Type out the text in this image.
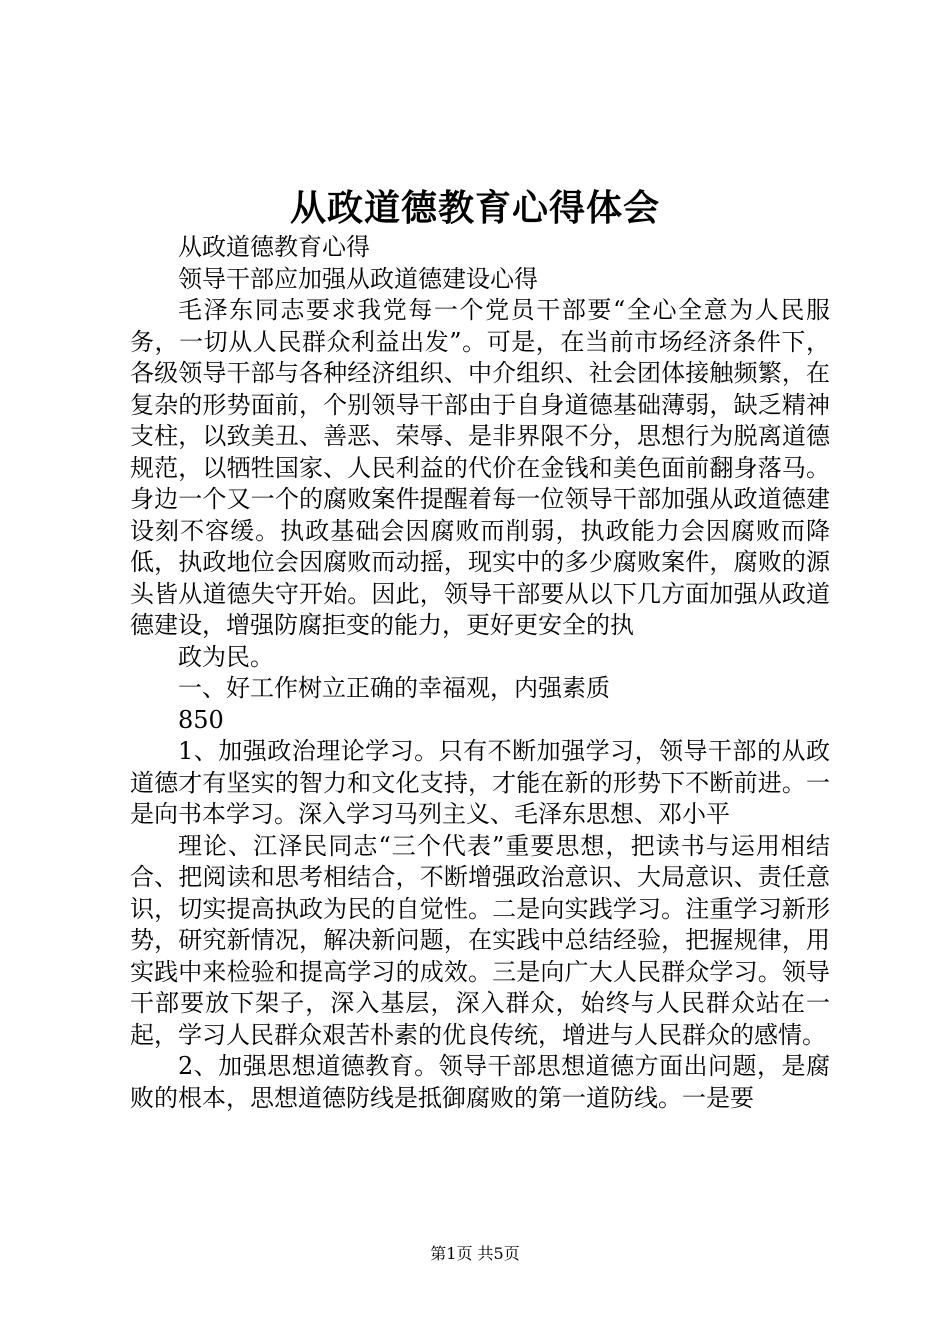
从政道德教育心得体会

从政道德教育心得

领导干部应加强从政道德建设心得

毛泽东同志要求我党每一个党员干部要“全心全意为人民服务，一切从人民群众利益出发”。可是，在当前市场经济条件下，各级领导干部与各种经济组织、中介组织、社会团体接触频繁，在复杂的形势面前，个别领导干部由于自身道德基础薄弱，缺乏精神支柱，以致美丑、善恶、荣辱、是非界限不分，思想行为脱离道德规范，以牺牲国家、人民利益的代价在金钱和美色面前翻身落马。身边一个又一个的腐败案件提醒着每一位领导干部加强从政道德建设刻不容缓。执政基础会因腐败而削弱，执政能力会因腐败而降低，执政地位会因腐败而动摇，现实中的多少腐败案件，腐败的源头皆从道德失守开始。因此，领导干部要从以下几方面加强从政道德建设，增强防腐拒变的能力，更好更安全的执

政为民。

一、好工作树立正确的幸福观，内强素质

850

1、加强政治理论学习。只有不断加强学习，领导干部的从政道德才有坚实的智力和文化支持，才能在新的形势下不断前进。一是向书本学习。深入学习马列主义、毛泽东思想、邓小平

理论、江泽民同志“三个代表”重要思想，把读书与运用相结合、把阅读和思考相结合，不断增强政治意识、大局意识、责任意识，切实提高执政为民的自觉性。二是向实践学习。注重学习新形势，研究新情况，解决新问题，在实践中总结经验，把握规律，用实践中来检验和提高学习的成效。三是向广大人民群众学习。领导干部要放下架子，深入基层，深入群众，始终与人民群众站在一起，学习人民群众艰苦朴素的优良传统，增进与人民群众的感情。

2、加强思想道德教育。领导干部思想道德方面出问题，是腐败的根本，思想道德防线是抵御腐败的第一道防线。一是要

第1页 共5页
